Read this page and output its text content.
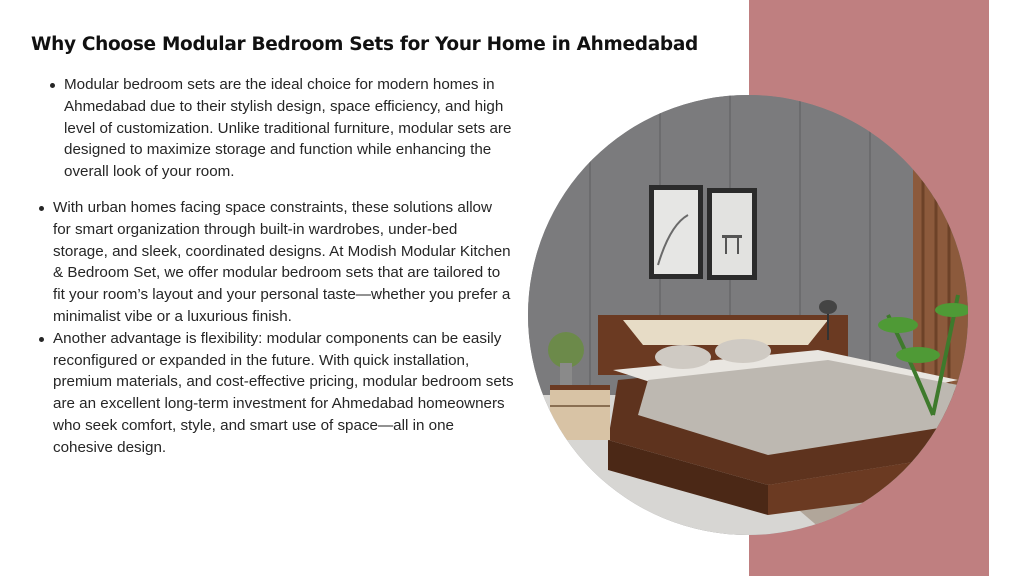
Why Choose Modular Bedroom Sets for Your Home in Ahmedabad
Modular bedroom sets are the ideal choice for modern homes in Ahmedabad due to their stylish design, space efficiency, and high level of customization. Unlike traditional furniture, modular sets are designed to maximize storage and function while enhancing the overall look of your room.
With urban homes facing space constraints, these solutions allow for smart organization through built-in wardrobes, under-bed storage, and sleek, coordinated designs. At Modish Modular Kitchen & Bedroom Set, we offer modular bedroom sets that are tailored to fit your room’s layout and your personal taste—whether you prefer a minimalist vibe or a luxurious finish.
Another advantage is flexibility: modular components can be easily reconfigured or expanded in the future. With quick installation, premium materials, and cost-effective pricing, modular bedroom sets are an excellent long-term investment for Ahmedabad homeowners who seek comfort, style, and smart use of space—all in one cohesive design.
